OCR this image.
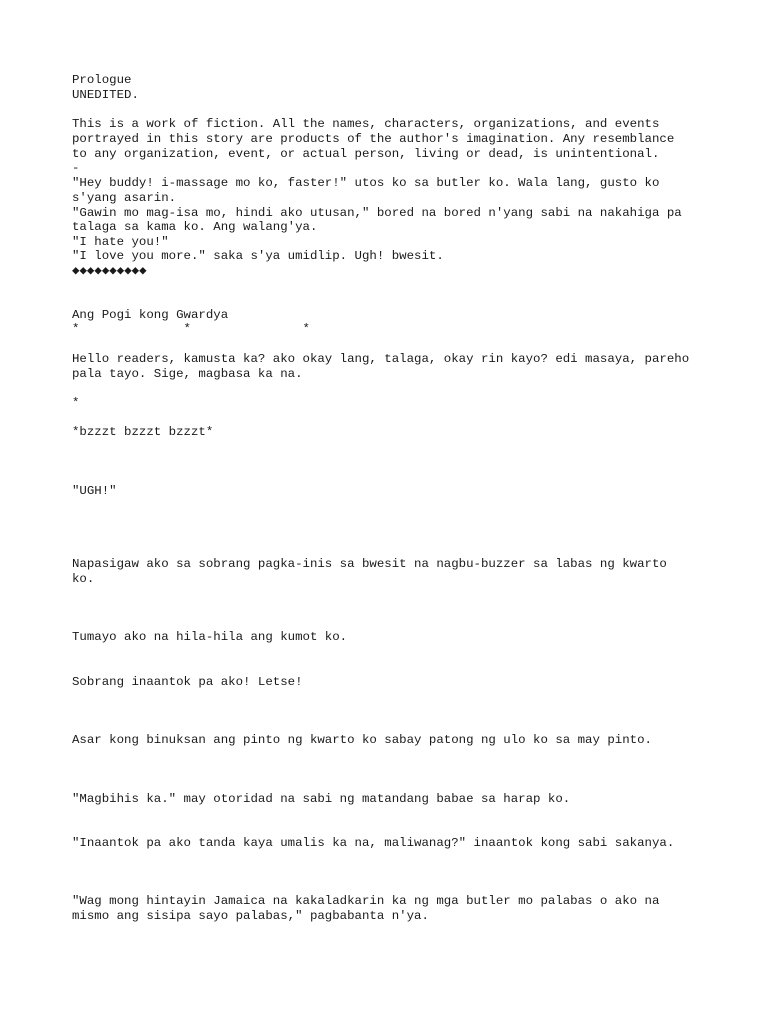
Prologue

UNEDITED.

This is a work of fiction. All the names, characters, organizations, and events

portrayed in this story are products of the author's imagination. Any resemblance

to any organization, event, or actual person, living or dead, is unintentional.

-

"Hey buddy! i-massage mo ko, faster!" utos ko sa butler ko. Wala lang, gusto ko

s'yang asarin.

"Gawin mo mag-isa mo, hindi ako utusan," bored na bored n'yang sabi na nakahiga pa

talaga sa kama ko. Ang walang'ya.

"I hate you!"

"I love you more." saka s'ya umidlip. Ugh! bwesit.

◆◆◆◆◆◆◆◆◆◆

Ang Pogi kong Gwardya

*              *               *

Hello readers, kamusta ka? ako okay lang, talaga, okay rin kayo? edi masaya, pareho

pala tayo. Sige, magbasa ka na.

*

*bzzzt bzzzt bzzzt*

"UGH!"

Napasigaw ako sa sobrang pagka-inis sa bwesit na nagbu-buzzer sa labas ng kwarto

ko.

Tumayo ako na hila-hila ang kumot ko.

Sobrang inaantok pa ako! Letse!

Asar kong binuksan ang pinto ng kwarto ko sabay patong ng ulo ko sa may pinto.

"Magbihis ka." may otoridad na sabi ng matandang babae sa harap ko.

"Inaantok pa ako tanda kaya umalis ka na, maliwanag?" inaantok kong sabi sakanya.

"Wag mong hintayin Jamaica na kakaladkarin ka ng mga butler mo palabas o ako na

mismo ang sisipa sayo palabas," pagbabanta n'ya.
